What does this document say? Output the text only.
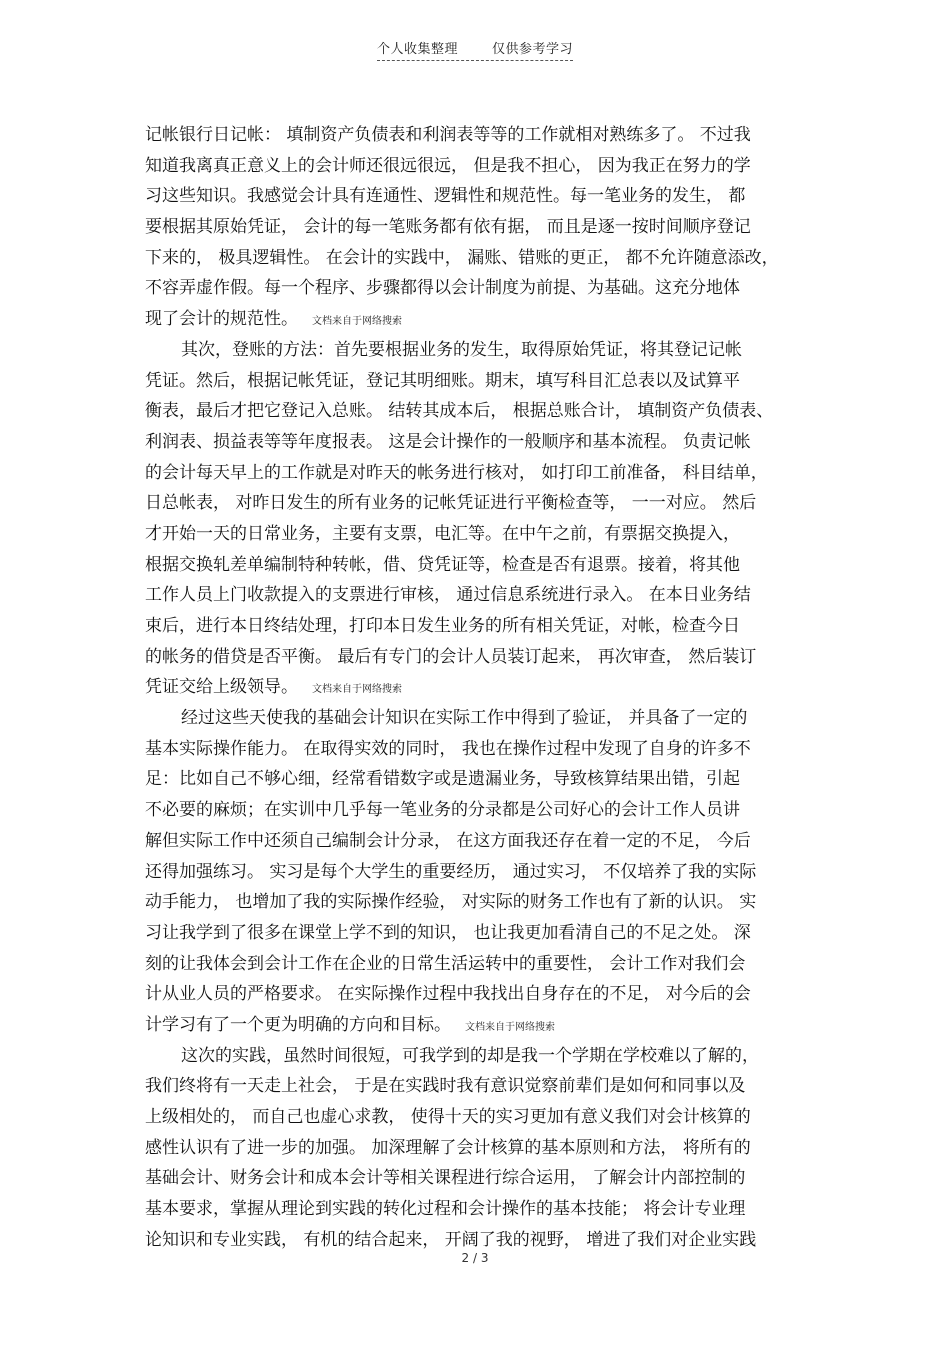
个人收集整理	仅供参考学习
记帐银行日记帐： 填制资产负债表和利润表等等的工作就相对熟练多了。 不过我
知道我离真正意义上的会计师还很远很远， 但是我不担心， 因为我正在努力的学
习这些知识。我感觉会计具有连通性、逻辑性和规范性。每一笔业务的发生， 都
要根据其原始凭证， 会计的每一笔账务都有依有据， 而且是逐一按时间顺序登记
下来的， 极具逻辑性。 在会计的实践中， 漏账、错账的更正， 都不允许随意添改，
不容弄虚作假。每一个程序、步骤都得以会计制度为前提、为基础。这充分地体
现了会计的规范性。 文档来自于网络搜索
其次，登账的方法：首先要根据业务的发生，取得原始凭证，将其登记记帐
凭证。然后，根据记帐凭证，登记其明细账。期末，填写科目汇总表以及试算平
衡表，最后才把它登记入总账。 结转其成本后， 根据总账合计， 填制资产负债表、
利润表、损益表等等年度报表。 这是会计操作的一般顺序和基本流程。 负责记帐
的会计每天早上的工作就是对昨天的帐务进行核对， 如打印工前准备， 科目结单，
日总帐表， 对昨日发生的所有业务的记帐凭证进行平衡检查等， 一一对应。 然后
才开始一天的日常业务，主要有支票，电汇等。在中午之前，有票据交换提入，
根据交换轧差单编制特种转帐，借、贷凭证等，检查是否有退票。接着，将其他
工作人员上门收款提入的支票进行审核， 通过信息系统进行录入。 在本日业务结
束后，进行本日终结处理，打印本日发生业务的所有相关凭证，对帐，检查今日
的帐务的借贷是否平衡。 最后有专门的会计人员装订起来， 再次审查， 然后装订
凭证交给上级领导。 文档来自于网络搜索
经过这些天使我的基础会计知识在实际工作中得到了验证， 并具备了一定的
基本实际操作能力。 在取得实效的同时， 我也在操作过程中发现了自身的许多不
足：比如自己不够心细，经常看错数字或是遗漏业务，导致核算结果出错，引起
不必要的麻烦；在实训中几乎每一笔业务的分录都是公司好心的会计工作人员讲
解但实际工作中还须自己编制会计分录， 在这方面我还存在着一定的不足， 今后
还得加强练习。 实习是每个大学生的重要经历， 通过实习， 不仅培养了我的实际
动手能力， 也增加了我的实际操作经验， 对实际的财务工作也有了新的认识。 实
习让我学到了很多在课堂上学不到的知识， 也让我更加看清自己的不足之处。 深
刻的让我体会到会计工作在企业的日常生活运转中的重要性， 会计工作对我们会
计从业人员的严格要求。 在实际操作过程中我找出自身存在的不足， 对今后的会
计学习有了一个更为明确的方向和目标。 文档来自于网络搜索
这次的实践，虽然时间很短，可我学到的却是我一个学期在学校难以了解的，
我们终将有一天走上社会， 于是在实践时我有意识觉察前辈们是如何和同事以及
上级相处的， 而自己也虚心求教， 使得十天的实习更加有意义我们对会计核算的
感性认识有了进一步的加强。 加深理解了会计核算的基本原则和方法， 将所有的
基础会计、财务会计和成本会计等相关课程进行综合运用， 了解会计内部控制的
基本要求，掌握从理论到实践的转化过程和会计操作的基本技能； 将会计专业理
论知识和专业实践， 有机的结合起来， 开阔了我的视野， 增进了我们对企业实践
2 / 3
